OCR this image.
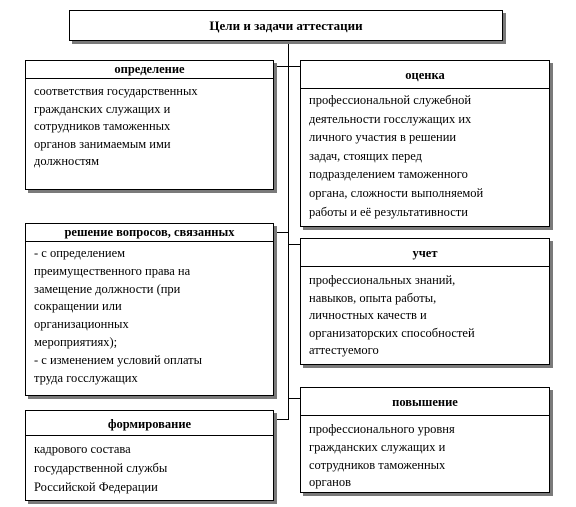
Цели и задачи аттестации
определение
соответствия государственных
гражданских служащих и
сотрудников таможенных
органов занимаемым ими
должностям
решение вопросов, связанных
- с определением
преимущественного права на
замещение должности (при
сокращении или
организационных
мероприятиях);
- с изменением условий оплаты
труда госслужащих
формирование
кадрового состава
государственной службы
Российской Федерации
оценка
профессиональной служебной
деятельности госслужащих их
личного участия в решении
задач, стоящих перед
подразделением таможенного
органа, сложности выполняемой
работы и её результативности
учет
профессиональных знаний,
навыков, опыта работы,
личностных качеств и
организаторских способностей
аттестуемого
повышение
профессионального уровня
гражданских служащих и
сотрудников таможенных
органов
